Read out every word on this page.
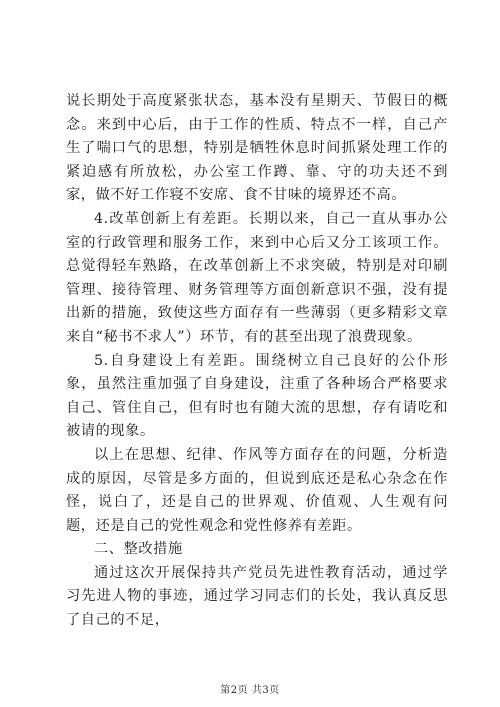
说长期处于高度紧张状态，基本没有星期天、节假日的概念。来到中心后，由于工作的性质、特点不一样，自己产生了喘口气的思想，特别是牺牲休息时间抓紧处理工作的紧迫感有所放松，办公室工作蹲、靠、守的功夫还不到家，做不好工作寝不安席、食不甘味的境界还不高。

4.改革创新上有差距。长期以来，自己一直从事办公室的行政管理和服务工作，来到中心后又分工该项工作。总觉得轻车熟路，在改革创新上不求突破，特别是对印刷管理、接待管理、财务管理等方面创新意识不强，没有提出新的措施，致使这些方面存有一些薄弱（更多精彩文章来自“秘书不求人”）环节，有的甚至出现了浪费现象。

5.自身建设上有差距。围绕树立自己良好的公仆形象，虽然注重加强了自身建设，注重了各种场合严格要求自己、管住自己，但有时也有随大流的思想，存有请吃和被请的现象。

以上在思想、纪律、作风等方面存在的问题，分析造成的原因，尽管是多方面的，但说到底还是私心杂念在作怪，说白了，还是自己的世界观、价值观、人生观有问题，还是自己的党性观念和党性修养有差距。

二、整改措施

通过这次开展保持共产党员先进性教育活动，通过学习先进人物的事迹，通过学习同志们的长处，我认真反思了自己的不足，

第2页 共3页
